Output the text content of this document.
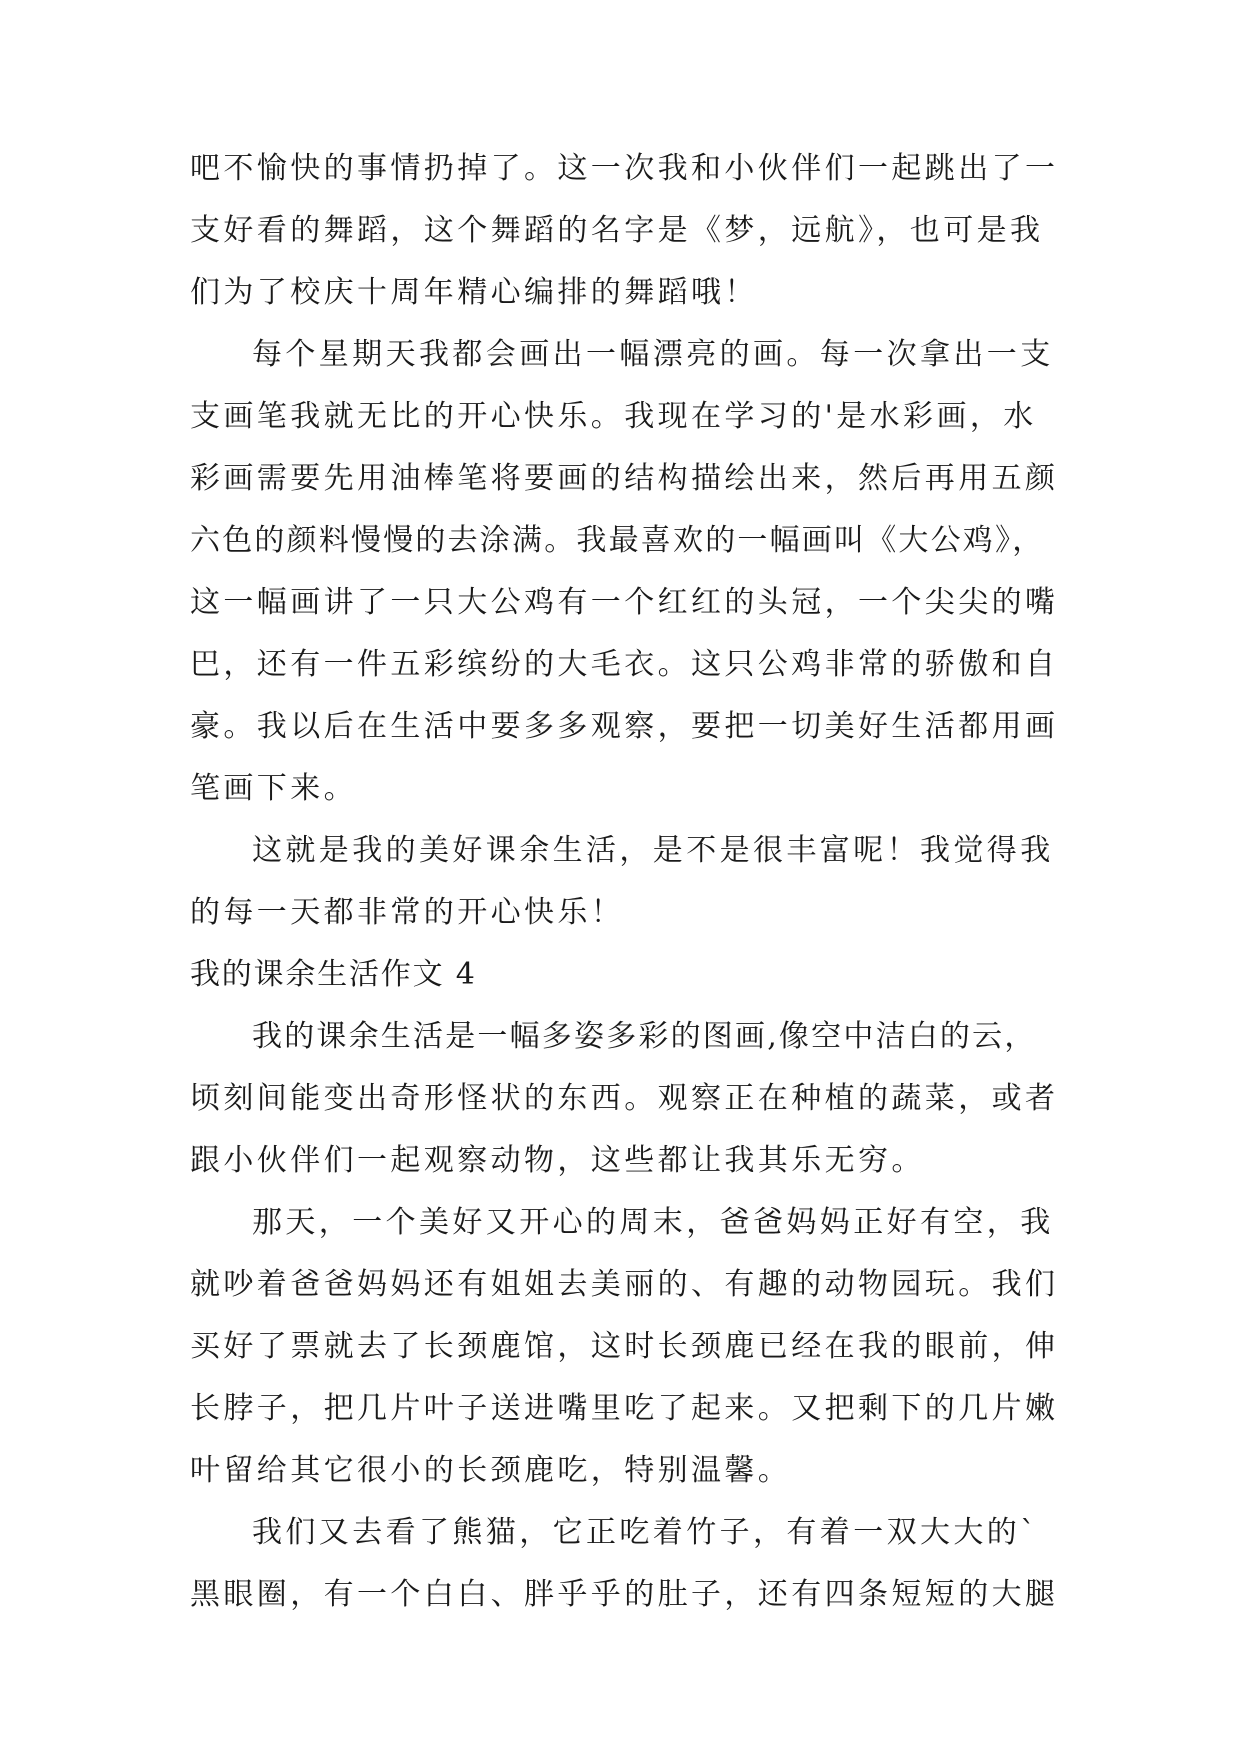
吧不愉快的事情扔掉了。这一次我和小伙伴们一起跳出了一
支好看的舞蹈，这个舞蹈的名字是《梦，远航》，也可是我
们为了校庆十周年精心编排的舞蹈哦！
每个星期天我都会画出一幅漂亮的画。每一次拿出一支
支画笔我就无比的开心快乐。我现在学习的'是水彩画，水
彩画需要先用油棒笔将要画的结构描绘出来，然后再用五颜
六色的颜料慢慢的去涂满。我最喜欢的一幅画叫《大公鸡》，
这一幅画讲了一只大公鸡有一个红红的头冠，一个尖尖的嘴
巴，还有一件五彩缤纷的大毛衣。这只公鸡非常的骄傲和自
豪。我以后在生活中要多多观察，要把一切美好生活都用画
笔画下来。
这就是我的美好课余生活，是不是很丰富呢！我觉得我
的每一天都非常的开心快乐！
我的课余生活作文 4
我的课余生活是一幅多姿多彩的图画,像空中洁白的云，
顷刻间能变出奇形怪状的东西。观察正在种植的蔬菜，或者
跟小伙伴们一起观察动物，这些都让我其乐无穷。
那天，一个美好又开心的周末，爸爸妈妈正好有空，我
就吵着爸爸妈妈还有姐姐去美丽的、有趣的动物园玩。我们
买好了票就去了长颈鹿馆，这时长颈鹿已经在我的眼前，伸
长脖子，把几片叶子送进嘴里吃了起来。又把剩下的几片嫩
叶留给其它很小的长颈鹿吃，特别温馨。
我们又去看了熊猫，它正吃着竹子，有着一双大大的`
黑眼圈，有一个白白、胖乎乎的肚子，还有四条短短的大腿
